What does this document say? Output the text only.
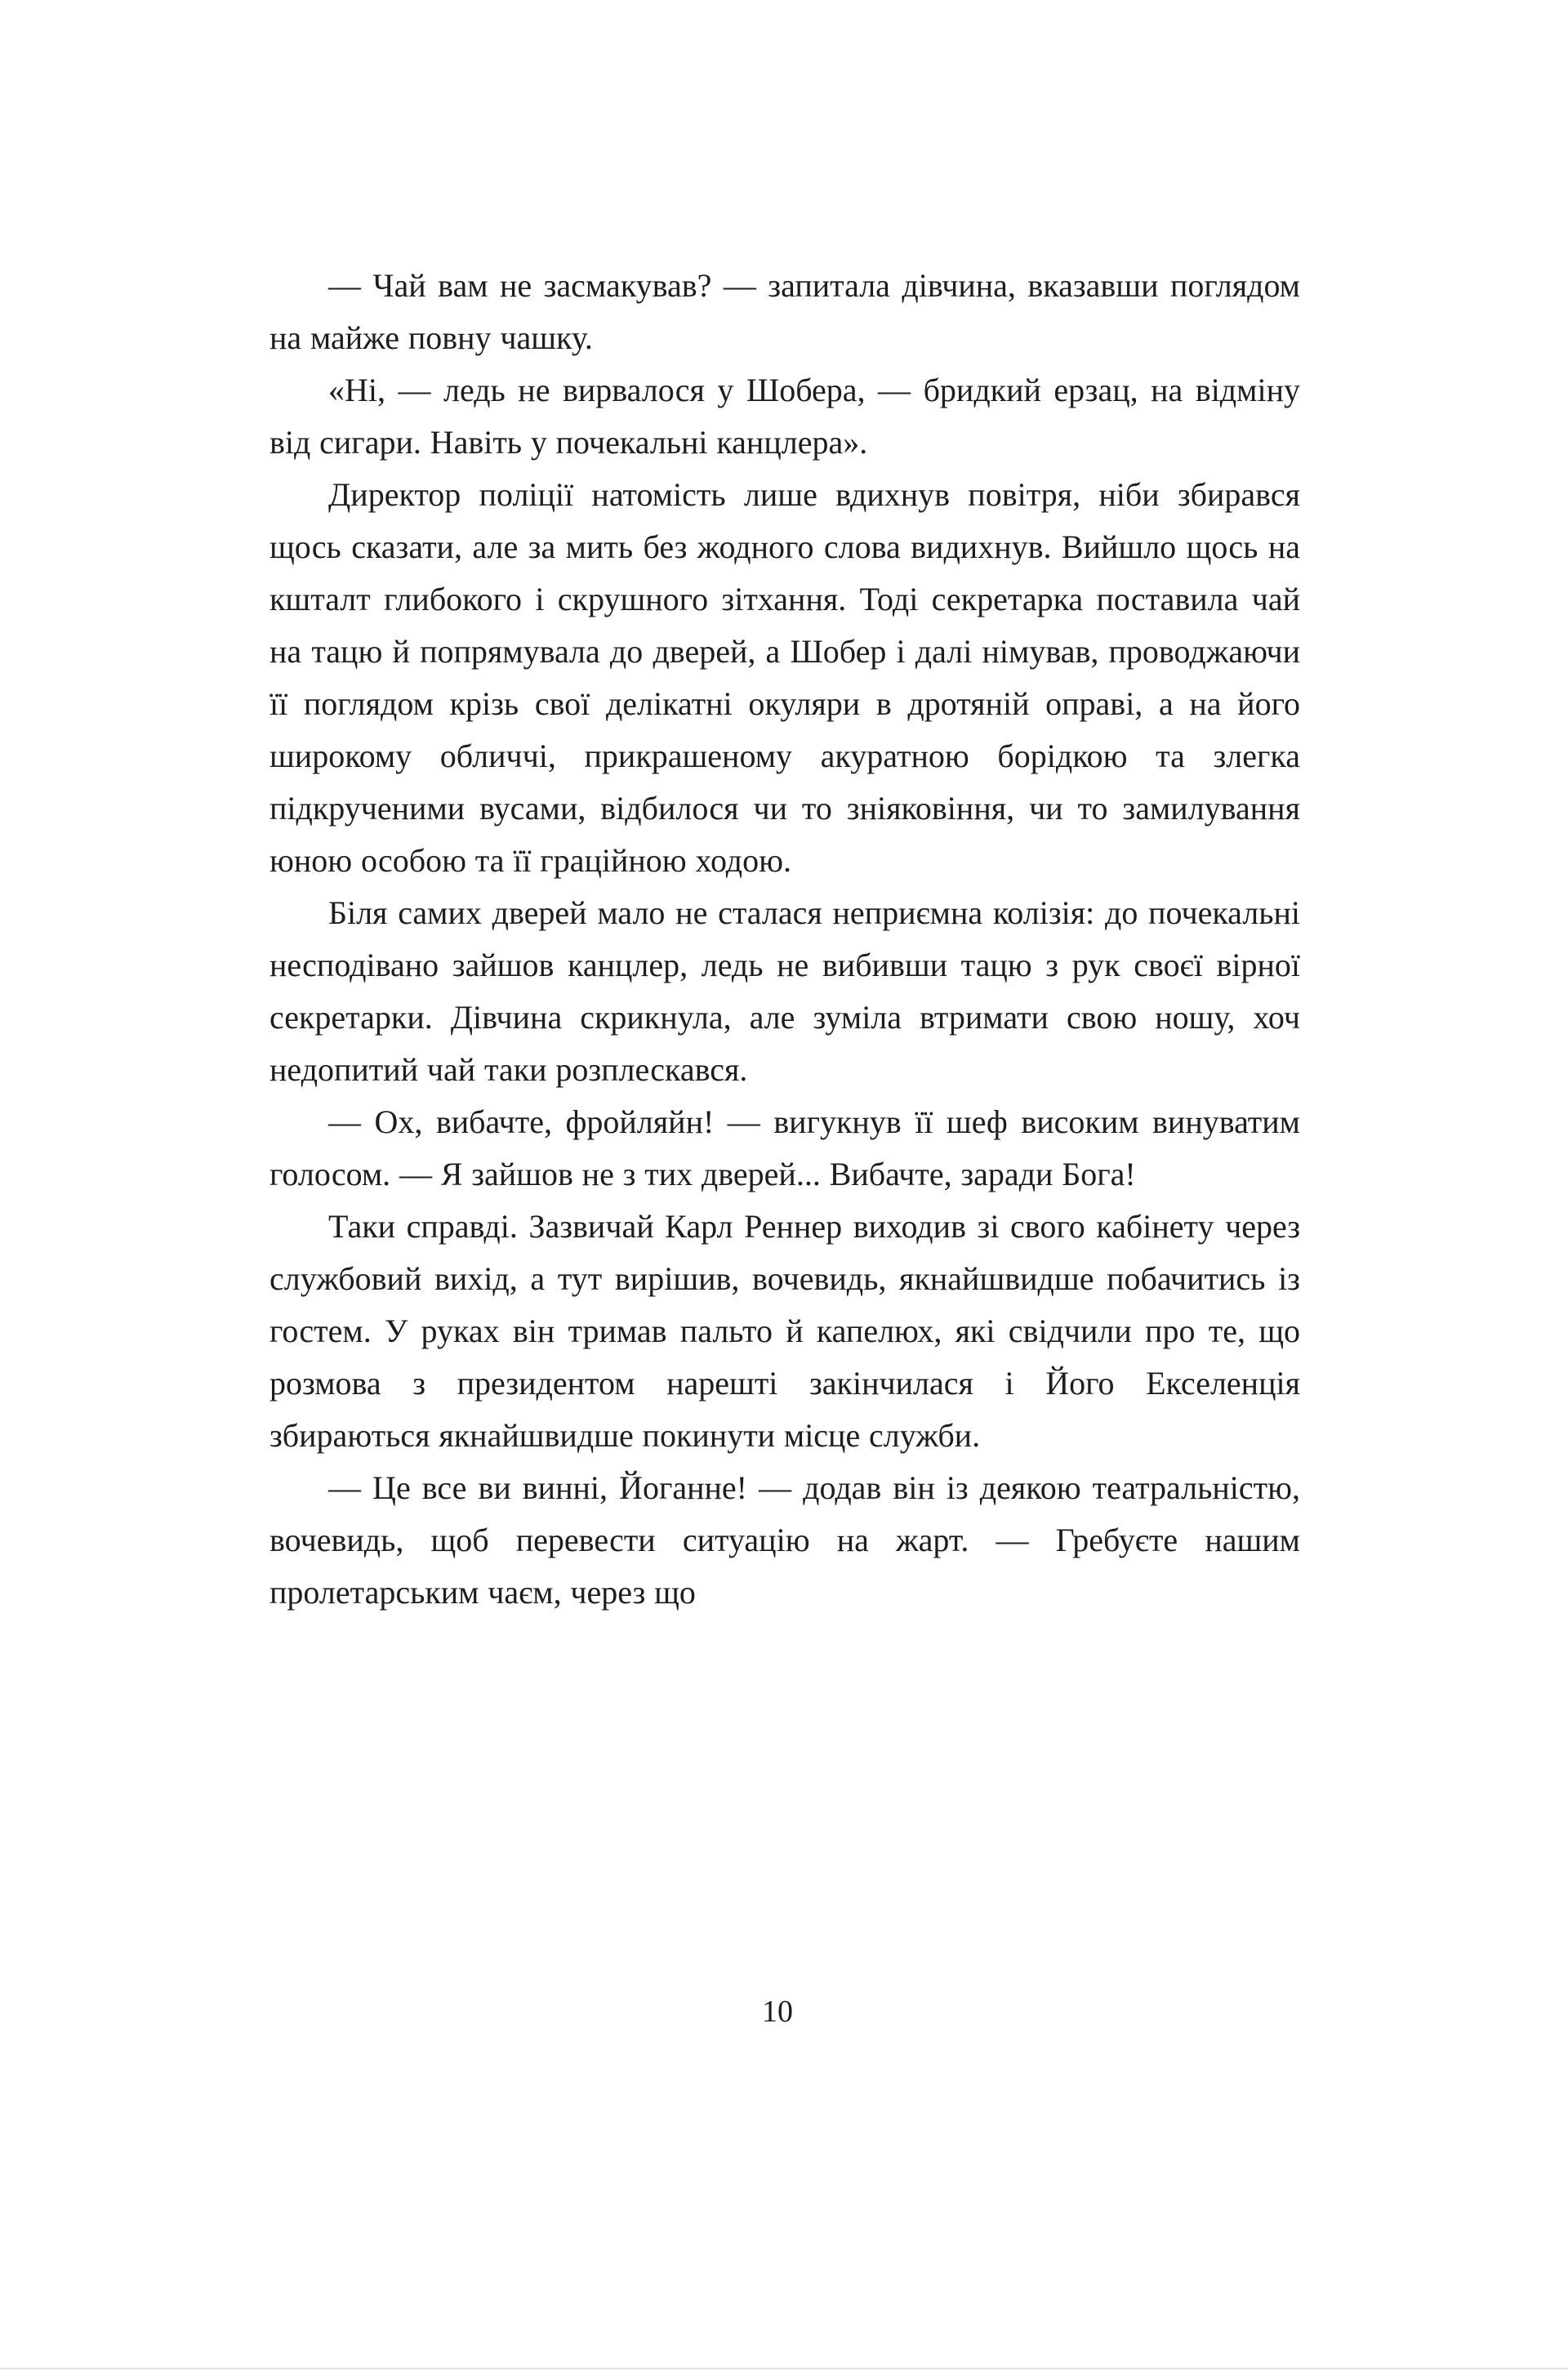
— Чай вам не засмакував? — запитала дівчина, вказавши поглядом на майже повну чашку.

«Ні, — ледь не вирвалося у Шобера, — бридкий ерзац, на відміну від сигари. Навіть у почекальні канцлера».

Директор поліції натомість лише вдихнув повітря, ніби збирався щось сказати, але за мить без жодного слова видихнув. Вийшло щось на кшталт глибокого і скрушного зітхання. Тоді секретарка поставила чай на тацю й попрямувала до дверей, а Шобер і далі німував, проводжаючи її поглядом крізь свої делікатні окуляри в дротяній оправі, а на його широкому обличчі, прикрашеному акуратною борідкою та злегка підкрученими вусами, відбилося чи то зніяковіння, чи то замилування юною особою та її граційною ходою.

Біля самих дверей мало не сталася неприємна колізія: до почекальні несподівано зайшов канцлер, ледь не вибивши тацю з рук своєї вірної секретарки. Дівчина скрикнула, але зуміла втримати свою ношу, хоч недопитий чай таки розплескався.

— Ох, вибачте, фройляйн! — вигукнув її шеф високим винуватим голосом. — Я зайшов не з тих дверей... Вибачте, заради Бога!

Таки справді. Зазвичай Карл Реннер виходив зі свого кабінету через службовий вихід, а тут вирішив, вочевидь, якнайшвидше побачитись із гостем. У руках він тримав пальто й капелюх, які свідчили про те, що розмова з президентом нарешті закінчилася і Його Екселенція збираються якнайшвидше покинути місце служби.

— Це все ви винні, Йоганне! — додав він із деякою театральністю, вочевидь, щоб перевести ситуацію на жарт. — Гребуєте нашим пролетарським чаєм, через що

10
